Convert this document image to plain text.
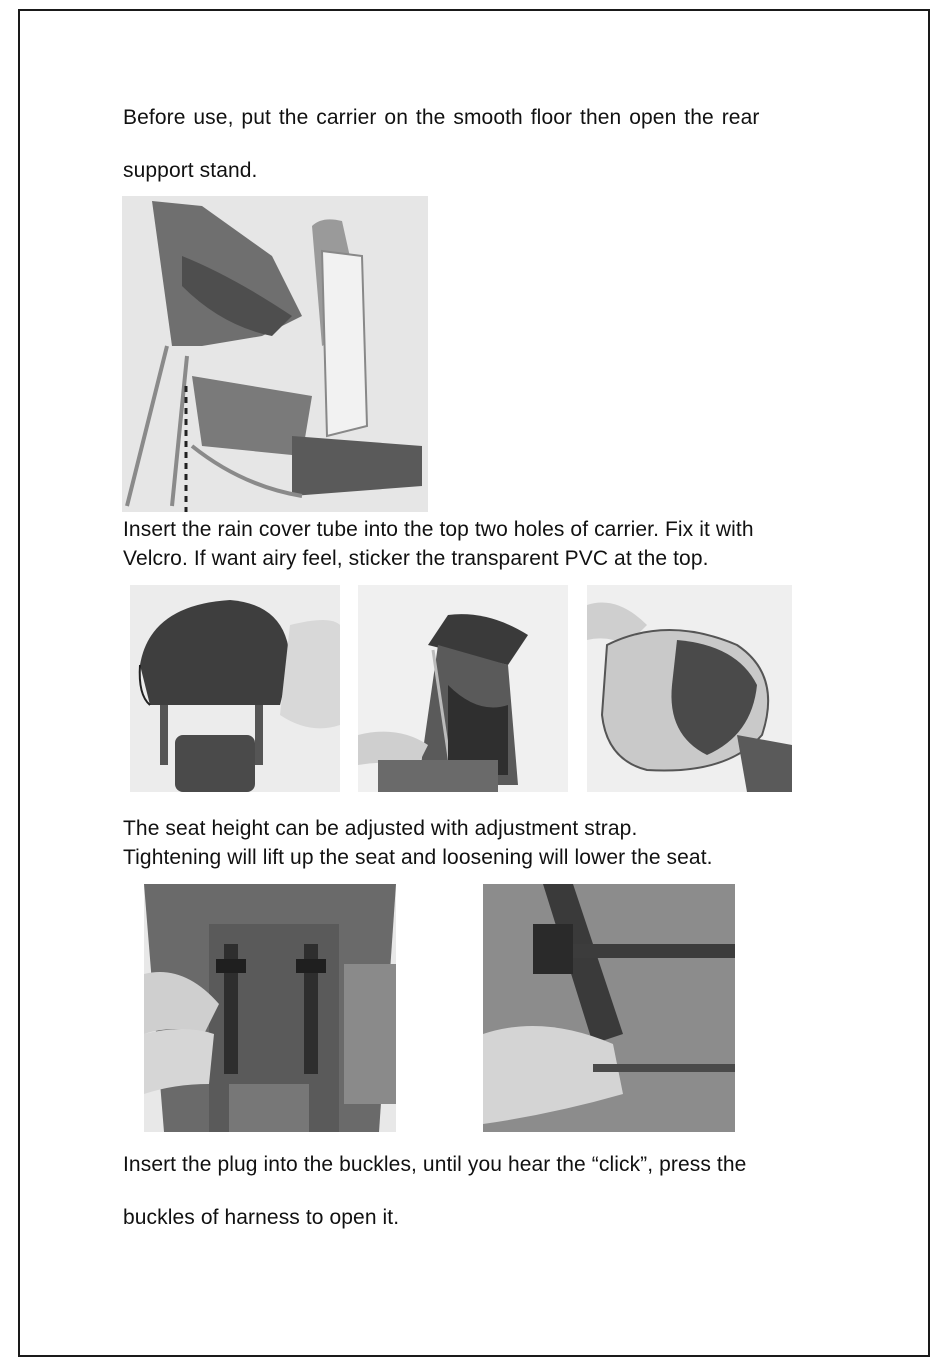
Before use, put the carrier on the smooth floor then open the rear
support stand.
Insert the rain cover tube into the top two holes of carrier. Fix it with
Velcro. If want airy feel, sticker the transparent PVC at the top.
The seat height can be adjusted with adjustment strap.
Tightening will lift up the seat and loosening will lower the seat.
Insert the plug into the buckles, until you hear the “click”, press the
buckles of harness to open it.
